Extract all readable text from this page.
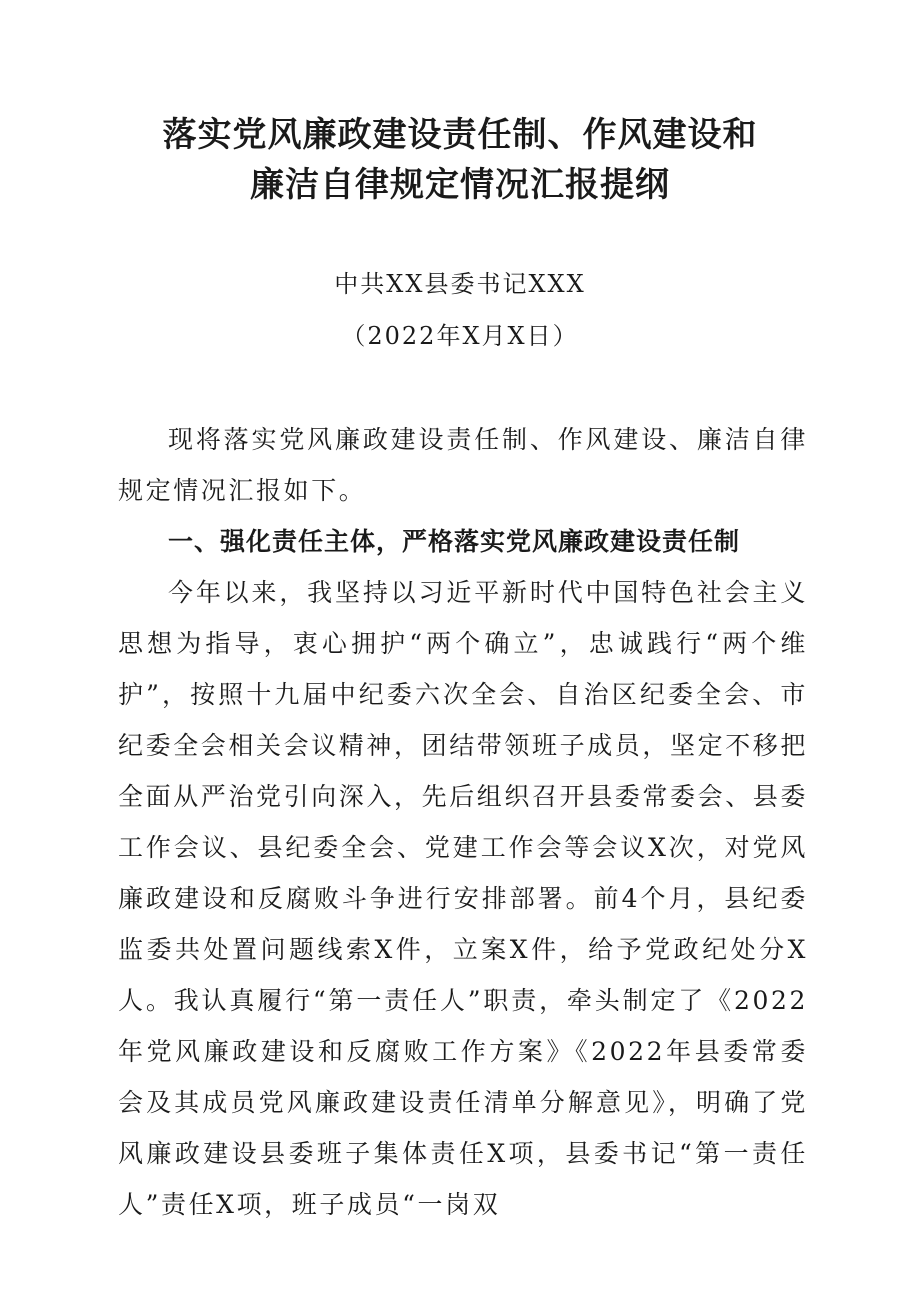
落实党风廉政建设责任制、作风建设和
廉洁自律规定情况汇报提纲
中共XX县委书记XXX
（2022年X月X日）

现将落实党风廉政建设责任制、作风建设、廉洁自律规定情况汇报如下。

一、强化责任主体，严格落实党风廉政建设责任制

今年以来，我坚持以习近平新时代中国特色社会主义思想为指导，衷心拥护“两个确立”，忠诚践行“两个维护”，按照十九届中纪委六次全会、自治区纪委全会、市纪委全会相关会议精神，团结带领班子成员，坚定不移把全面从严治党引向深入，先后组织召开县委常委会、县委工作会议、县纪委全会、党建工作会等会议X次，对党风廉政建设和反腐败斗争进行安排部署。前4个月，县纪委监委共处置问题线索X件，立案X件，给予党政纪处分X人。我认真履行“第一责任人”职责，牵头制定了《2022年党风廉政建设和反腐败工作方案》《2022年县委常委会及其成员党风廉政建设责任清单分解意见》，明确了党风廉政建设县委班子集体责任X项，县委书记“第一责任人”责任X项，班子成员“一岗双
